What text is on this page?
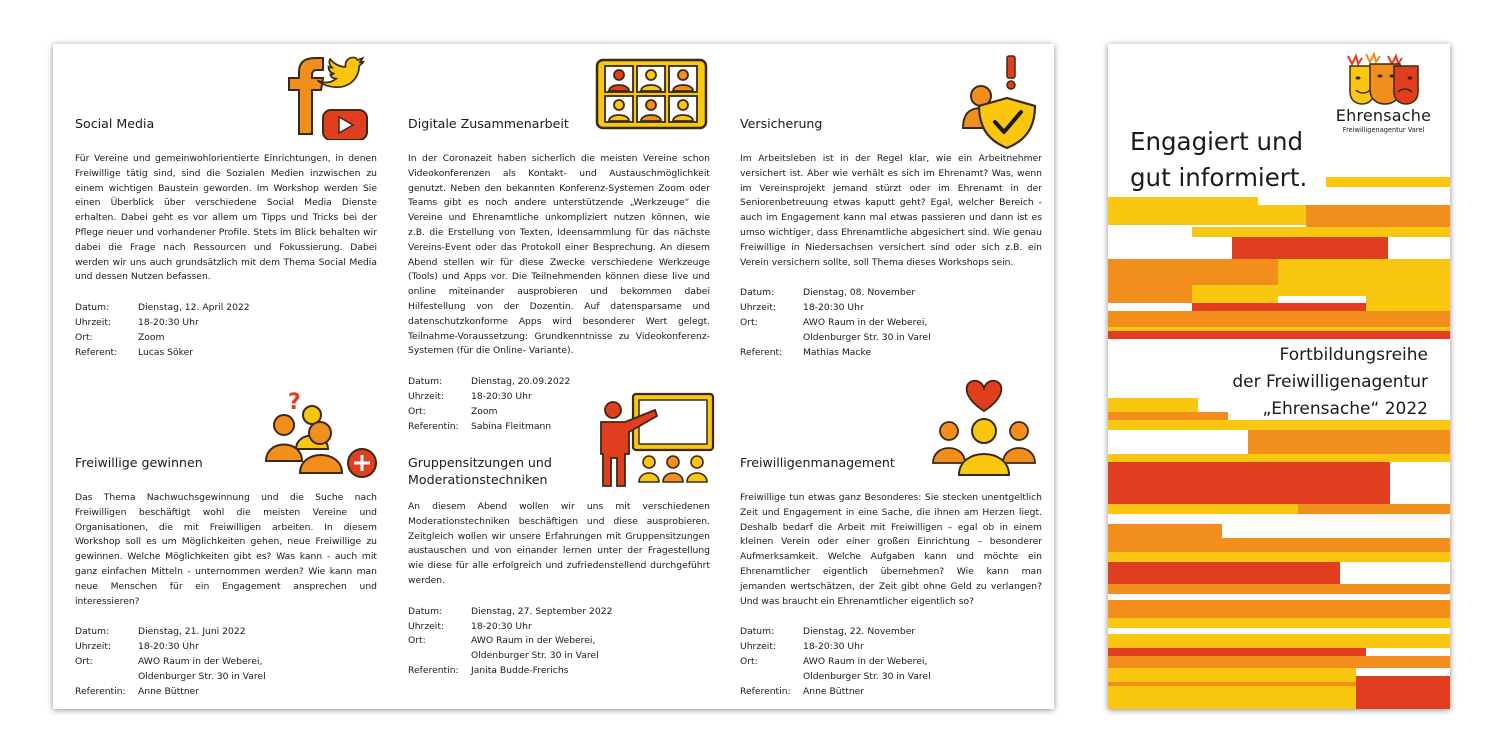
?
Social Media
Für Vereine und gemeinwohlorientierte Einrichtungen, in denen Freiwillige tätig sind, sind die Sozialen Medien inzwischen zu einem wichtigen Baustein geworden. Im Workshop werden Sie einen Überblick über verschiedene Social Media Dienste erhalten. Dabei geht es vor allem um Tipps und Tricks bei der Pflege neuer und vorhandener Profile. Stets im Blick behalten wir dabei die Frage nach Ressourcen und Fokussierung. Dabei werden wir uns auch grundsätzlich mit dem Thema Social Media und dessen Nutzen befassen.
Datum:	Dienstag, 12. April 2022
Uhrzeit:	18-20:30 Uhr
Ort:	Zoom
Referent:	Lucas Söker
Digitale Zusammenarbeit
In der Coronazeit haben sicherlich die meisten Vereine schon Videokonferenzen als Kontakt- und Austauschmöglichkeit genutzt. Neben den bekannten Konferenz-Systemen Zoom oder Teams gibt es noch andere unterstützende „Werkzeuge“ die Vereine und Ehrenamtliche unkompliziert nutzen können, wie z.B. die Erstellung von Texten, Ideensammlung für das nächste Vereins-Event oder das Protokoll einer Besprechung. An diesem Abend stellen wir für diese Zwecke verschiedene Werkzeuge (Tools) und Apps vor. Die Teilnehmenden können diese live und online miteinander ausprobieren und bekommen dabei Hilfestellung von der Dozentin. Auf datensparsame und datenschutzkonforme Apps wird besonderer Wert gelegt. Teilnahme-Voraussetzung: Grundkenntnisse zu Videokonferenz-Systemen (für die Online- Variante).
Datum:	Dienstag, 20.09.2022
Uhrzeit:	18-20:30 Uhr
Ort:	Zoom
Referentin:	Sabina Fleitmann
Versicherung
Im Arbeitsleben ist in der Regel klar, wie ein Arbeitnehmer versichert ist. Aber wie verhält es sich im Ehrenamt? Was, wenn im Vereinsprojekt jemand stürzt oder im Ehrenamt in der Seniorenbetreuung etwas kaputt geht? Egal, welcher Bereich - auch im Engagement kann mal etwas passieren und dann ist es umso wichtiger, dass Ehrenamtliche abgesichert sind. Wie genau Freiwillige in Niedersachsen versichert sind oder sich z.B. ein Verein versichern sollte, soll Thema dieses Workshops sein.
Datum:	Dienstag, 08. November
Uhrzeit:	18-20:30 Uhr
Ort:	AWO Raum in der Weberei,
Oldenburger Str. 30 in Varel
Referent:	Mathias Macke
Freiwillige gewinnen
Das Thema Nachwuchsgewinnung und die Suche nach Freiwilligen beschäftigt wohl die meisten Vereine und Organisationen, die mit Freiwilligen arbeiten. In diesem Workshop soll es um Möglichkeiten gehen, neue Freiwillige zu gewinnen. Welche Möglichkeiten gibt es? Was kann - auch mit ganz einfachen Mitteln - unternommen werden? Wie kann man neue Menschen für ein Engagement ansprechen und interessieren?
Datum:	Dienstag, 21. Juni 2022
Uhrzeit:	18-20:30 Uhr
Ort:	AWO Raum in der Weberei,
Oldenburger Str. 30 in Varel
Referentin:	Anne Büttner
Gruppensitzungen und Moderationstechniken
An diesem Abend wollen wir uns mit verschiedenen Moderationstechniken beschäftigen und diese ausprobieren. Zeitgleich wollen wir unsere Erfahrungen mit Gruppensitzungen austauschen und von einander lernen unter der Fragestellung wie diese für alle erfolgreich und zufriedenstellend durchgeführt werden.
Datum:	Dienstag, 27. September 2022
Uhrzeit:	18-20:30 Uhr
Ort:	AWO Raum in der Weberei,
Oldenburger Str. 30 in Varel
Referentin:	Janita Budde-Frerichs
Freiwilligenmanagement
Freiwillige tun etwas ganz Besonderes: Sie stecken unentgeltlich Zeit und Engagement in eine Sache, die ihnen am Herzen liegt. Deshalb bedarf die Arbeit mit Freiwilligen – egal ob in einem kleinen Verein oder einer großen Einrichtung – besonderer Aufmerksamkeit. Welche Aufgaben kann und möchte ein Ehrenamtlicher eigentlich übernehmen? Wie kann man jemanden wertschätzen, der Zeit gibt ohne Geld zu verlangen? Und was braucht ein Ehrenamtlicher eigentlich so?
Datum:	Dienstag, 22. November
Uhrzeit:	18-20:30 Uhr
Ort:	AWO Raum in der Weberei,
Oldenburger Str. 30 in Varel
Referentin:	Anne Büttner
Ehrensache
Freiwilligenagentur Varel
Engagiert und
gut informiert.
Fortbildungsreihe
der Freiwilligenagentur
„Ehrensache“ 2022
